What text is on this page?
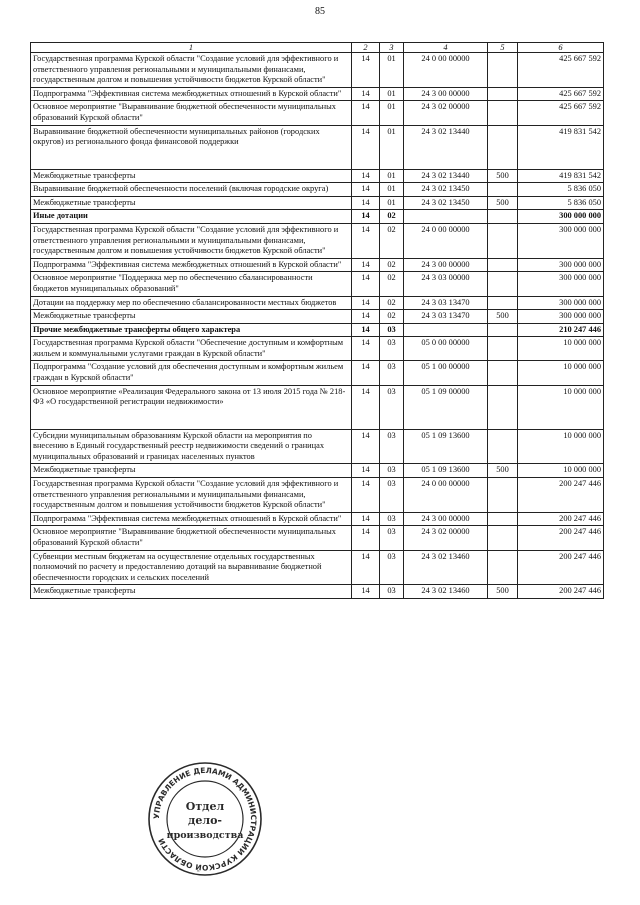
85
1	2	3	4	5	6
Государственная программа Курской области "Создание условий для эффективного и ответственного управления региональными и муниципальными финансами, государственным долгом и повышения устойчивости бюджетов Курской области"	14	01	24 0 00 00000		425 667 592
Подпрограмма "Эффективная система межбюджетных отношений в Курской области"	14	01	24 3 00 00000		425 667 592
Основное мероприятие "Выравнивание бюджетной обеспеченности муниципальных образований Курской области"	14	01	24 3 02 00000		425 667 592
Выравнивание бюджетной обеспеченности муниципальных районов (городских округов) из регионального фонда финансовой поддержки	14	01	24 3 02 13440		419 831 542
Межбюджетные трансферты	14	01	24 3 02 13440	500	419 831 542
Выравнивание бюджетной обеспеченности поселений (включая городские округа)	14	01	24 3 02 13450		5 836 050
Межбюджетные трансферты	14	01	24 3 02 13450	500	5 836 050
Иные дотации	14	02			300 000 000
Государственная программа Курской области "Создание условий для эффективного и ответственного управления региональными и муниципальными финансами, государственным долгом и повышения устойчивости бюджетов Курской области"	14	02	24 0 00 00000		300 000 000
Подпрограмма "Эффективная система межбюджетных отношений в Курской области"	14	02	24 3 00 00000		300 000 000
Основное мероприятие "Поддержка мер по обеспечению сбалансированности бюджетов муниципальных образований"	14	02	24 3 03 00000		300 000 000
Дотации на поддержку мер по обеспечению сбалансированности местных бюджетов	14	02	24 3 03 13470		300 000 000
Межбюджетные трансферты	14	02	24 3 03 13470	500	300 000 000
Прочие межбюджетные трансферты общего характера	14	03			210 247 446
Государственная программа Курской области "Обеспечение доступным и комфортным жильем и коммунальными услугами граждан в Курской области"	14	03	05 0 00 00000		10 000 000
Подпрограмма "Создание условий для обеспечения доступным и комфортным жильем граждан в Курской области"	14	03	05 1 00 00000		10 000 000
Основное мероприятие «Реализация Федерального закона от 13 июля 2015 года № 218-ФЗ «О государственной регистрации недвижимости»	14	03	05 1 09 00000		10 000 000
Субсидии муниципальным образованиям Курской области на мероприятия по внесению в Единый государственный реестр недвижимости сведений о границах муниципальных образований и границах населенных пунктов	14	03	05 1 09 13600		10 000 000
Межбюджетные трансферты	14	03	05 1 09 13600	500	10 000 000
Государственная программа Курской области "Создание условий для эффективного и ответственного управления региональными и муниципальными финансами, государственным долгом и повышения устойчивости бюджетов Курской области"	14	03	24 0 00 00000		200 247 446
Подпрограмма "Эффективная система межбюджетных отношений в Курской области"	14	03	24 3 00 00000		200 247 446
Основное мероприятие "Выравнивание бюджетной обеспеченности муниципальных образований Курской области"	14	03	24 3 02 00000		200 247 446
Субвенции местным бюджетам на осуществление отдельных государственных полномочий по расчету и предоставлению дотаций на выравнивание бюджетной обеспеченности городских и сельских поселений	14	03	24 3 02 13460		200 247 446
Межбюджетные трансферты	14	03	24 3 02 13460	500	200 247 446
УПРАВЛЕНИЕ ДЕЛАМИ АДМИНИСТРАЦИИ КУРСКОЙ ОБЛАСТИ
Отдел
дело-
производства
